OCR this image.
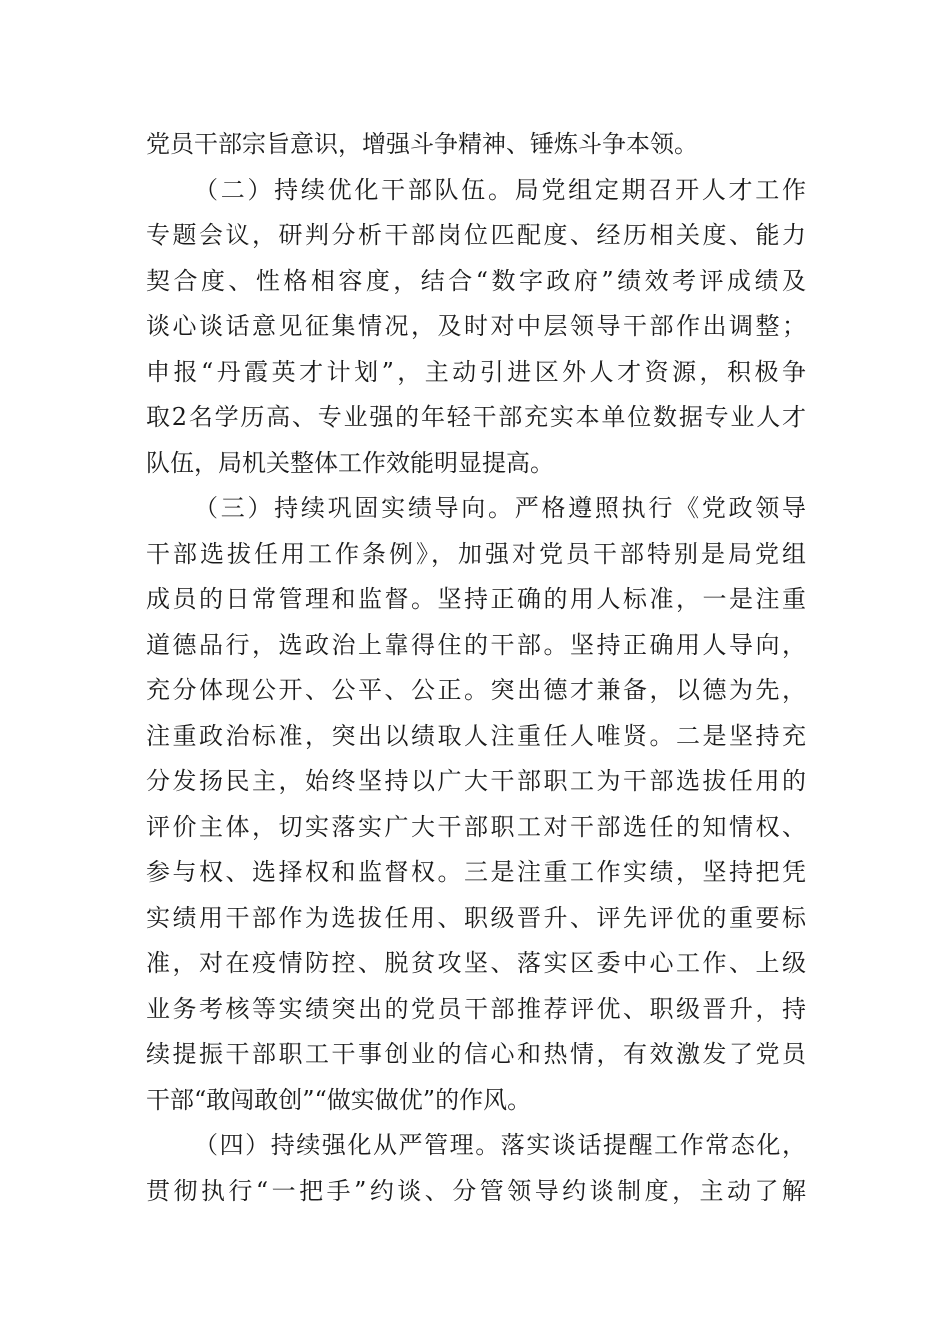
党员干部宗旨意识，增强斗争精神、锤炼斗争本领。
（二）持续优化干部队伍。局党组定期召开人才工作
专题会议，研判分析干部岗位匹配度、经历相关度、能力
契合度、性格相容度，结合“数字政府”绩效考评成绩及
谈心谈话意见征集情况，及时对中层领导干部作出调整；
申报“丹霞英才计划”，主动引进区外人才资源，积极争
取2名学历高、专业强的年轻干部充实本单位数据专业人才
队伍，局机关整体工作效能明显提高。
（三）持续巩固实绩导向。严格遵照执行《党政领导
干部选拔任用工作条例》，加强对党员干部特别是局党组
成员的日常管理和监督。坚持正确的用人标准，一是注重
道德品行，选政治上靠得住的干部。坚持正确用人导向，
充分体现公开、公平、公正。突出德才兼备，以德为先，
注重政治标准，突出以绩取人注重任人唯贤。二是坚持充
分发扬民主，始终坚持以广大干部职工为干部选拔任用的
评价主体，切实落实广大干部职工对干部选任的知情权、
参与权、选择权和监督权。三是注重工作实绩，坚持把凭
实绩用干部作为选拔任用、职级晋升、评先评优的重要标
准，对在疫情防控、脱贫攻坚、落实区委中心工作、上级
业务考核等实绩突出的党员干部推荐评优、职级晋升，持
续提振干部职工干事创业的信心和热情，有效激发了党员
干部“敢闯敢创”“做实做优”的作风。
（四）持续强化从严管理。落实谈话提醒工作常态化，
贯彻执行“一把手”约谈、分管领导约谈制度，主动了解
